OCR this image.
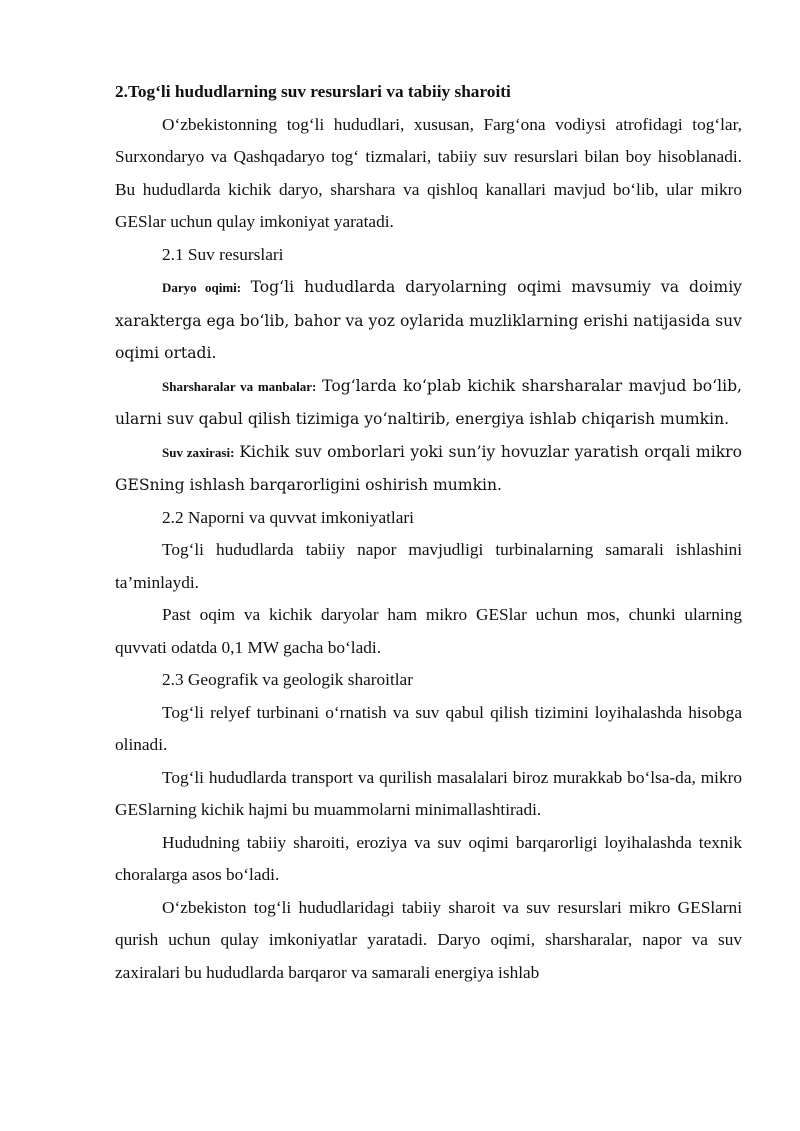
2.Tog‘li hududlarning suv resurslari va tabiiy sharoiti

O‘zbekistonning tog‘li hududlari, xususan, Farg‘ona vodiysi atrofidagi tog‘lar, Surxondaryo va Qashqadaryo tog‘ tizmalari, tabiiy suv resurslari bilan boy hisoblanadi. Bu hududlarda kichik daryo, sharshara va qishloq kanallari mavjud bo‘lib, ular mikro GESlar uchun qulay imkoniyat yaratadi.

2.1 Suv resurslari

Daryo oqimi: Tog‘li hududlarda daryolarning oqimi mavsumiy va doimiy xarakterga ega bo‘lib, bahor va yoz oylarida muzliklarning erishi natijasida suv oqimi ortadi.

Sharsharalar va manbalar: Tog‘larda ko‘plab kichik sharsharalar mavjud bo‘lib, ularni suv qabul qilish tizimiga yo‘naltirib, energiya ishlab chiqarish mumkin.

Suv zaxirasi: Kichik suv omborlari yoki sun’iy hovuzlar yaratish orqali mikro GESning ishlash barqarorligini oshirish mumkin.

2.2 Naporni va quvvat imkoniyatlari

Tog‘li hududlarda tabiiy napor mavjudligi turbinalarning samarali ishlashini ta’minlaydi.

Past oqim va kichik daryolar ham mikro GESlar uchun mos, chunki ularning quvvati odatda 0,1 MW gacha bo‘ladi.

2.3 Geografik va geologik sharoitlar

Tog‘li relyef turbinani o‘rnatish va suv qabul qilish tizimini loyihalashda hisobga olinadi.

Tog‘li hududlarda transport va qurilish masalalari biroz murakkab bo‘lsa-da, mikro GESlarning kichik hajmi bu muammolarni minimallashtiradi.

Hududning tabiiy sharoiti, eroziya va suv oqimi barqarorligi loyihalashda texnik choralarga asos bo‘ladi.

O‘zbekiston tog‘li hududlaridagi tabiiy sharoit va suv resurslari mikro GESlarni qurish uchun qulay imkoniyatlar yaratadi. Daryo oqimi, sharsharalar, napor va suv zaxiralari bu hududlarda barqaror va samarali energiya ishlab
